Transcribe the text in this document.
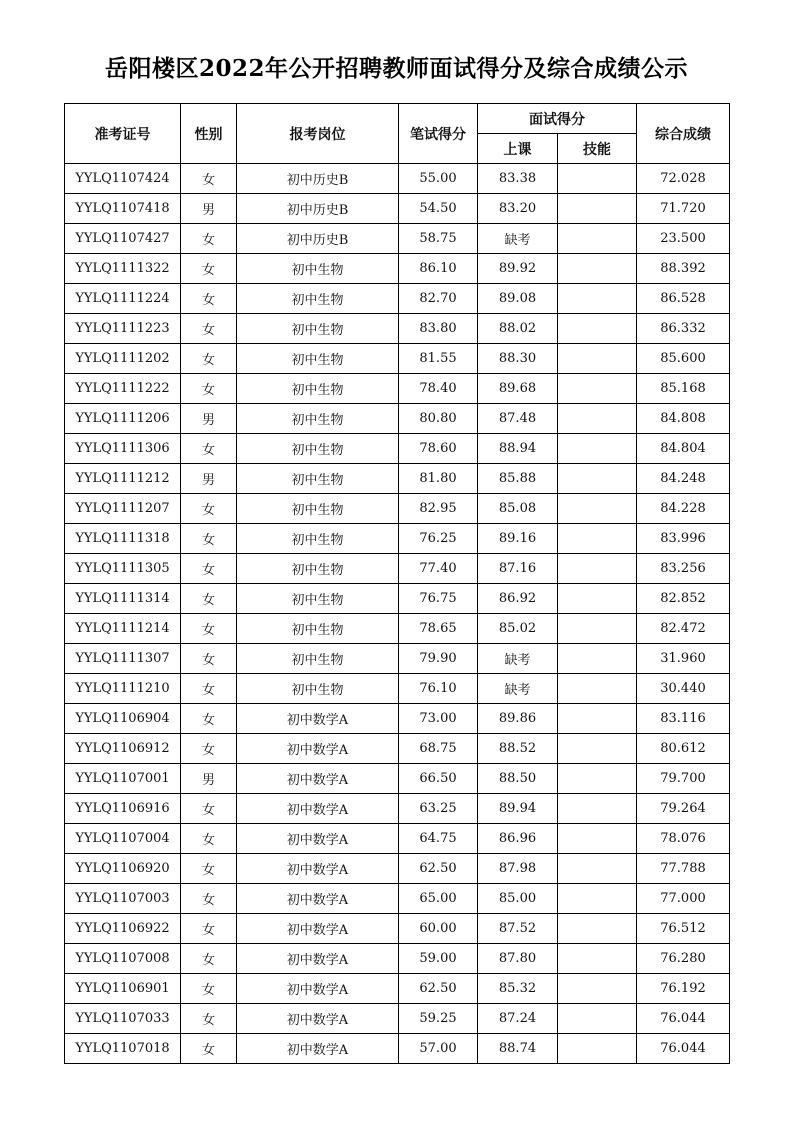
岳阳楼区2022年公开招聘教师面试得分及综合成绩公示
准考证号	性别	报考岗位	笔试得分	面试得分		综合成绩
				上课	技能	
YYLQ1107424	女	初中历史B	55.00	83.38		72.028
YYLQ1107418	男	初中历史B	54.50	83.20		71.720
YYLQ1107427	女	初中历史B	58.75	缺考		23.500
YYLQ1111322	女	初中生物	86.10	89.92		88.392
YYLQ1111224	女	初中生物	82.70	89.08		86.528
YYLQ1111223	女	初中生物	83.80	88.02		86.332
YYLQ1111202	女	初中生物	81.55	88.30		85.600
YYLQ1111222	女	初中生物	78.40	89.68		85.168
YYLQ1111206	男	初中生物	80.80	87.48		84.808
YYLQ1111306	女	初中生物	78.60	88.94		84.804
YYLQ1111212	男	初中生物	81.80	85.88		84.248
YYLQ1111207	女	初中生物	82.95	85.08		84.228
YYLQ1111318	女	初中生物	76.25	89.16		83.996
YYLQ1111305	女	初中生物	77.40	87.16		83.256
YYLQ1111314	女	初中生物	76.75	86.92		82.852
YYLQ1111214	女	初中生物	78.65	85.02		82.472
YYLQ1111307	女	初中生物	79.90	缺考		31.960
YYLQ1111210	女	初中生物	76.10	缺考		30.440
YYLQ1106904	女	初中数学A	73.00	89.86		83.116
YYLQ1106912	女	初中数学A	68.75	88.52		80.612
YYLQ1107001	男	初中数学A	66.50	88.50		79.700
YYLQ1106916	女	初中数学A	63.25	89.94		79.264
YYLQ1107004	女	初中数学A	64.75	86.96		78.076
YYLQ1106920	女	初中数学A	62.50	87.98		77.788
YYLQ1107003	女	初中数学A	65.00	85.00		77.000
YYLQ1106922	女	初中数学A	60.00	87.52		76.512
YYLQ1107008	女	初中数学A	59.00	87.80		76.280
YYLQ1106901	女	初中数学A	62.50	85.32		76.192
YYLQ1107033	女	初中数学A	59.25	87.24		76.044
YYLQ1107018	女	初中数学A	57.00	88.74		76.044
